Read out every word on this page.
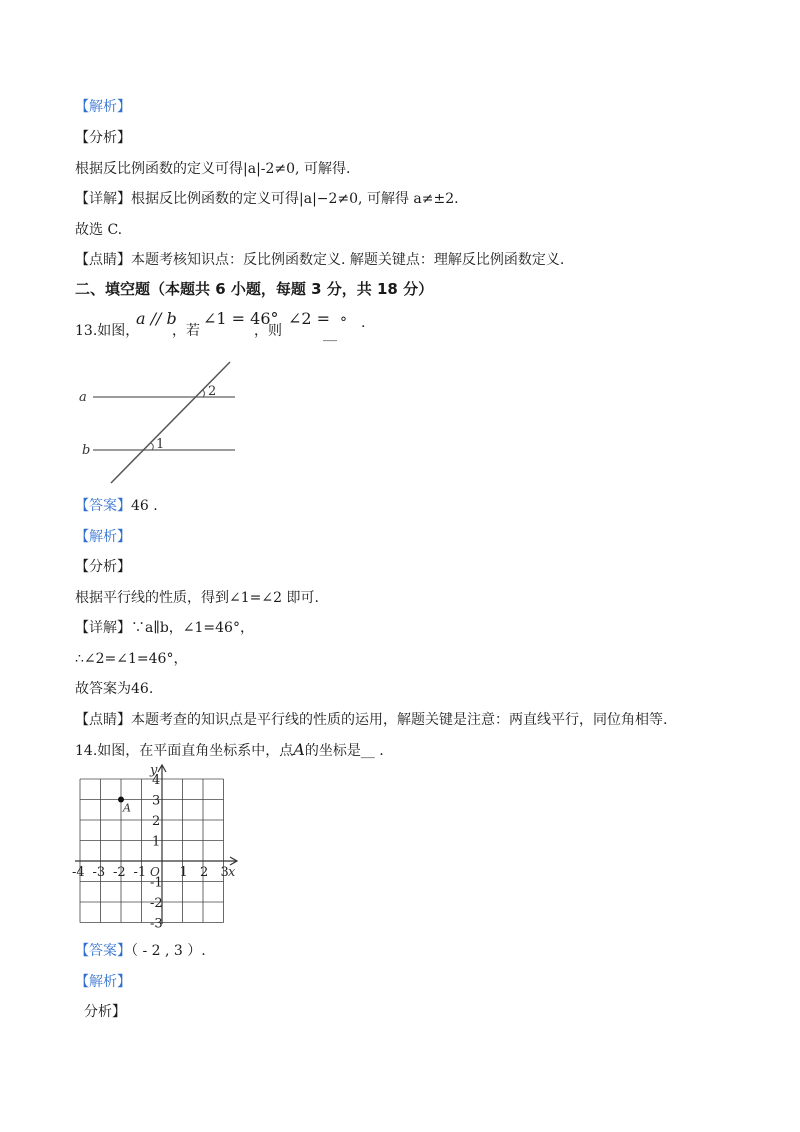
【解析】
【分析】
根据反比例函数的定义可得|a|-2≠0, 可解得.
【详解】根据反比例函数的定义可得|a|−2≠0, 可解得 a≠±2.
故选 C.
【点睛】本题考核知识点：反比例函数定义. 解题关键点：理解反比例函数定义.
二、填空题（本题共 6 小题，每题 3 分，共 18 分）
13.如图，
a // b
，若
∠1 = 46°
，则
∠2 =
__
°　.
a
b
2
1
【答案】46 .
【解析】
【分析】
根据平行线的性质，得到∠1=∠2 即可.
【详解】∵a∥b，∠1=46°，
∴∠2=∠1=46°，
故答案为46.
【点睛】本题考查的知识点是平行线的性质的运用，解题关键是注意：两直线平行，同位角相等.
14.如图，在平面直角坐标系中，点A的坐标是__ .
y
x
O
-4 -3 -2 -1	1 2 3
4
3
2
1
-1
-2
-3
A
【答案】（ - 2 , 3 ）.
【解析】
分析】
